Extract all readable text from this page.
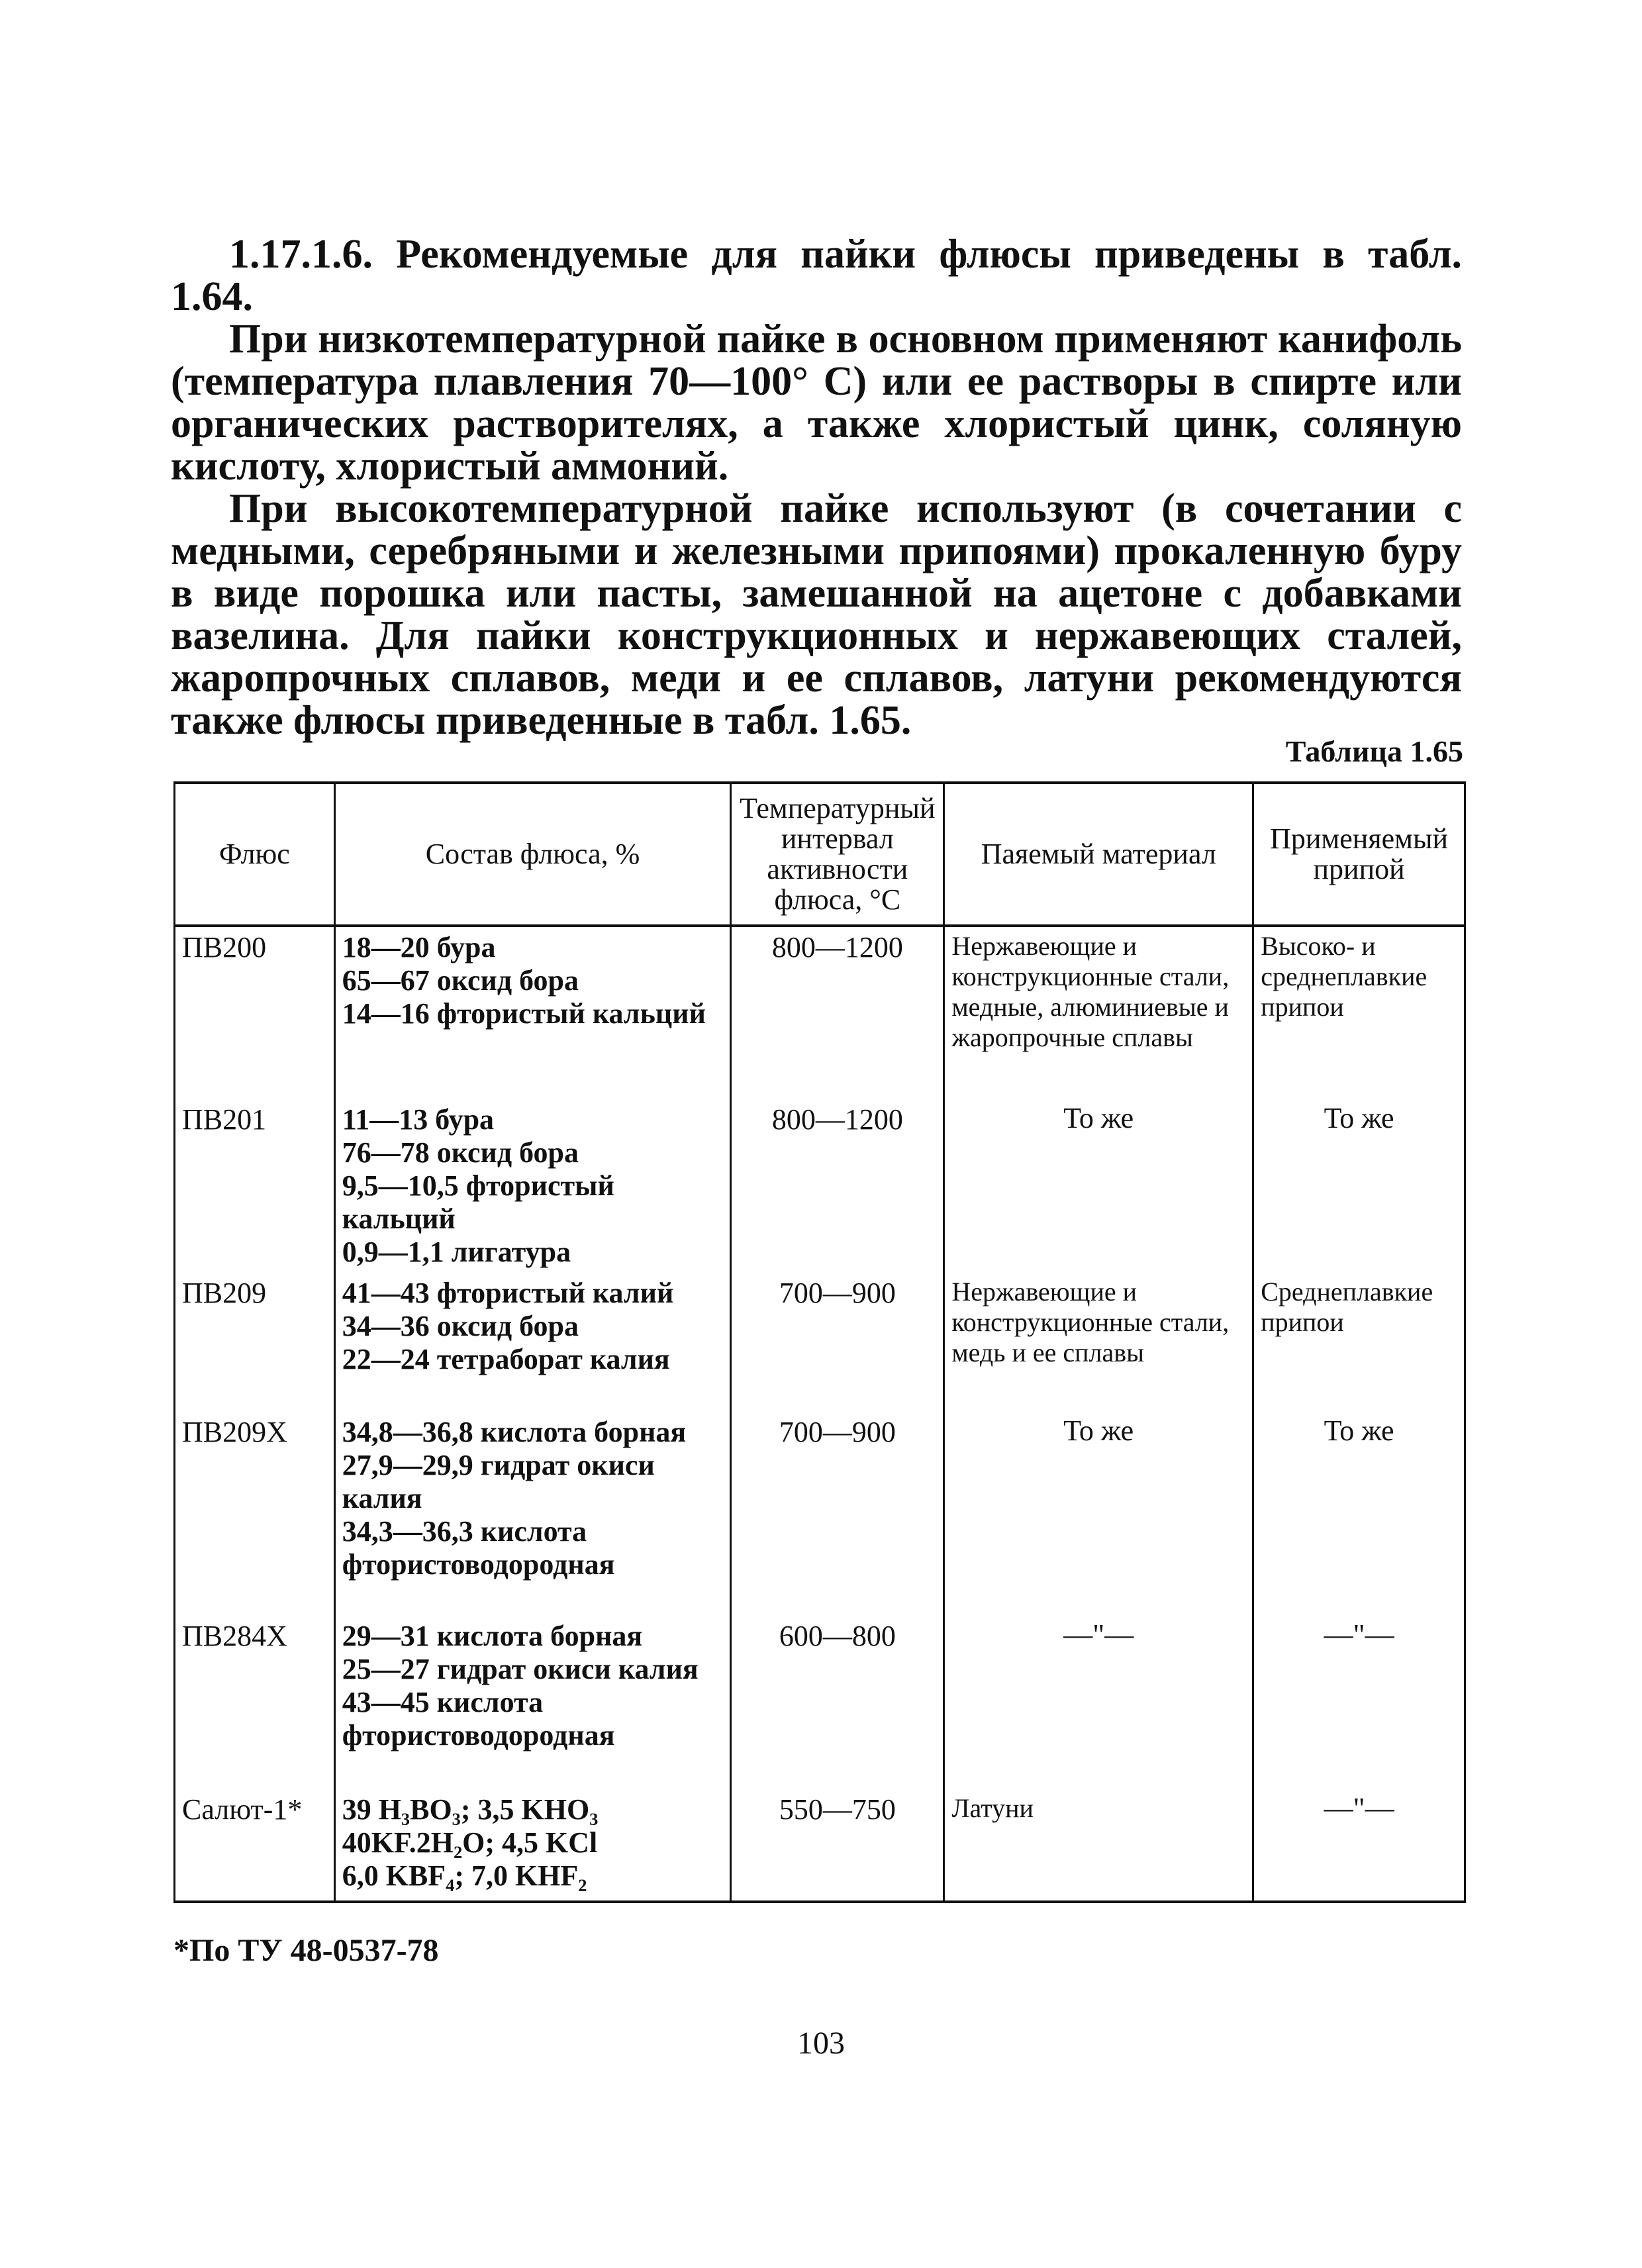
1.17.1.6. Рекомендуемые для пайки флюсы приведены в табл. 1.64.

При низкотемпературной пайке в основном применяют канифоль (температура плавления 70—100° С) или ее растворы в спирте или органических растворителях, а также хлористый цинк, соляную кислоту, хлористый аммоний.

При высокотемпературной пайке используют (в сочетании с медными, серебряными и железными припоями) прокаленную буру в виде порошка или пасты, замешанной на ацетоне с добавками вазелина. Для пайки конструкционных и нержавеющих сталей, жаропрочных сплавов, меди и ее сплавов, латуни рекомендуются также флюсы приведенные в табл. 1.65.

Таблица 1.65
Флюс	Состав флюса, %	Температурный интервал активности флюса, °С	Паяемый материал	Применяемый припой
ПВ200	18—20 бура
65—67 оксид бора
14—16 фтористый кальций	800—1200	Нержавеющие и конструкционные стали, медные, алюминиевые и жаропрочные сплавы	Высоко- и среднеплавкие припои
ПВ201	11—13 бура
76—78 оксид бора
9,5—10,5 фтористый кальций
0,9—1,1 лигатура	800—1200	То же	То же
ПВ209	41—43 фтористый калий
34—36 оксид бора
22—24 тетраборат калия	700—900	Нержавеющие и конструкционные стали, медь и ее сплавы	Среднеплавкие припои
ПВ209Х	34,8—36,8 кислота борная
27,9—29,9 гидрат окиси калия
34,3—36,3 кислота фтористоводородная	700—900	То же	То же
ПВ284Х	29—31 кислота борная
25—27 гидрат окиси калия
43—45 кислота фтористоводородная	600—800	—"—	—"—
Салют-1*	39 H₃BO₃; 3,5 KHO₃
40KF.2H₂O; 4,5 KCl
6,0 KBF₄; 7,0 KHF₂	550—750	Латуни	—"—
*По ТУ 48-0537-78
103
